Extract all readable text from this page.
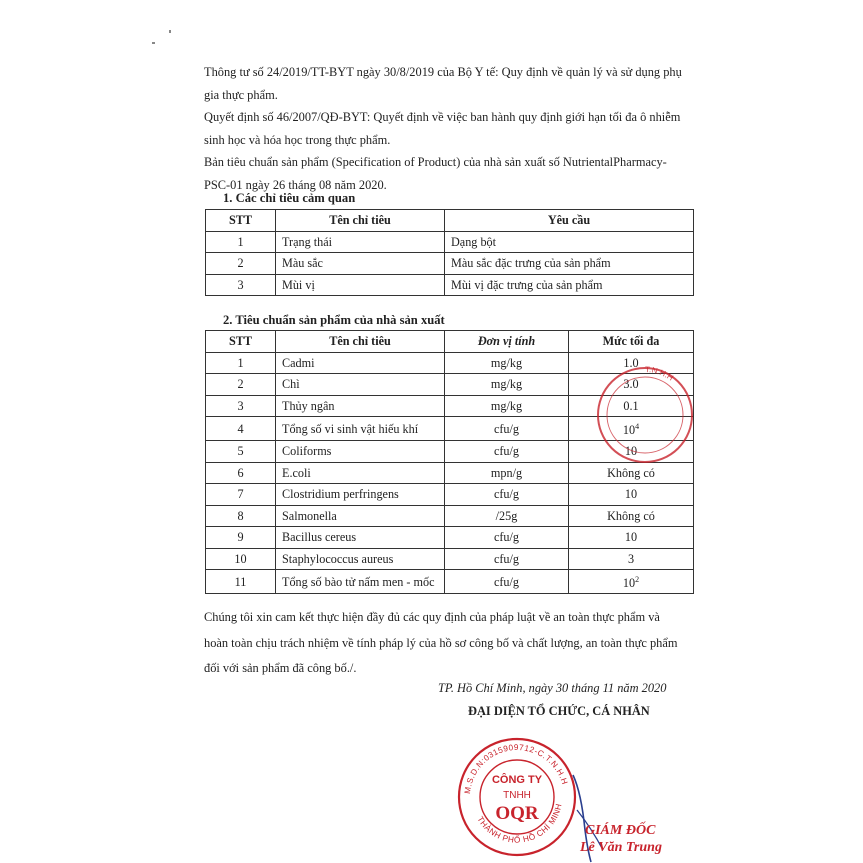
Thông tư số 24/2019/TT-BYT ngày 30/8/2019 của Bộ Y tế: Quy định về quản lý và sử dụng phụ
gia thực phẩm.
Quyết định số 46/2007/QĐ-BYT: Quyết định về việc ban hành quy định giới hạn tối đa ô nhiễm
sinh học và hóa học trong thực phẩm.
Bản tiêu chuẩn sản phẩm (Specification of Product) của nhà sản xuất số NutrientalPharmacy-
PSC-01 ngày 26 tháng 08 năm 2020.
1. Các chỉ tiêu cảm quan
STT	Tên chỉ tiêu	Yêu cầu
1	Trạng thái	Dạng bột
2	Màu sắc	Màu sắc đặc trưng của sản phẩm
3	Mùi vị	Mùi vị đặc trưng của sản phẩm
2. Tiêu chuẩn sản phẩm của nhà sản xuất
STT	Tên chỉ tiêu	Đơn vị tính	Mức tối đa
1	Cadmi	mg/kg	1.0
2	Chì	mg/kg	3.0
3	Thủy ngân	mg/kg	0.1
4	Tổng số vi sinh vật hiếu khí	cfu/g	$10^4$
5	Coliforms	cfu/g	10
6	E.coli	mpn/g	Không có
7	Clostridium perfringens	cfu/g	10
8	Salmonella	/25g	Không có
9	Bacillus cereus	cfu/g	10
10	Staphylococcus aureus	cfu/g	3
11	Tổng số bào tử nấm men - mốc	cfu/g	$10^2$
Chúng tôi xin cam kết thực hiện đầy đủ các quy định của pháp luật về an toàn thực phẩm và
hoàn toàn chịu trách nhiệm về tính pháp lý của hồ sơ công bố và chất lượng, an toàn thực phẩm
đối với sản phẩm đã công bố./.
TP. Hồ Chí Minh, ngày 30 tháng 11 năm 2020
ĐẠI DIỆN TỔ CHỨC, CÁ NHÂN
T.N.H.H
M.S.D.N:0315909712-C.T.N.H.H
THÀNH PHỐ HỒ CHÍ MINH
CÔNG TY
TNHH
OQR
GIÁM ĐỐC
Lê Văn Trung
